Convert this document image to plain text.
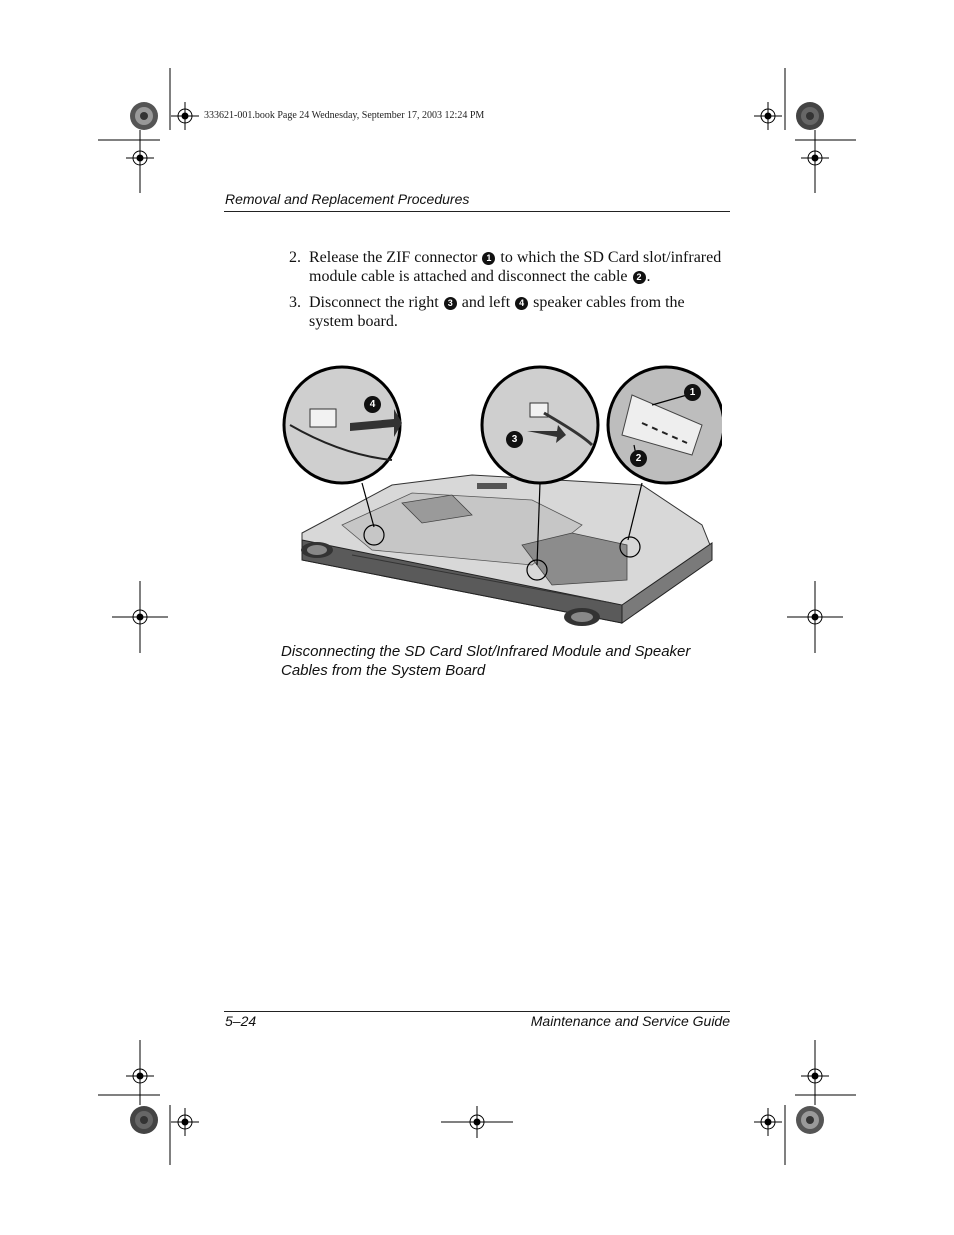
333621-001.book Page 24 Wednesday, September 17, 2003 12:24 PM
Removal and Replacement Procedures
2. Release the ZIF connector 1 to which the SD Card slot/infrared module cable is attached and disconnect the cable 2 .
3. Disconnect the right 3 and left 4 speaker cables from the system board.
4
3
1
2
Disconnecting the SD Card Slot/Infrared Module and Speaker Cables from the System Board
5–24	Maintenance and Service Guide
